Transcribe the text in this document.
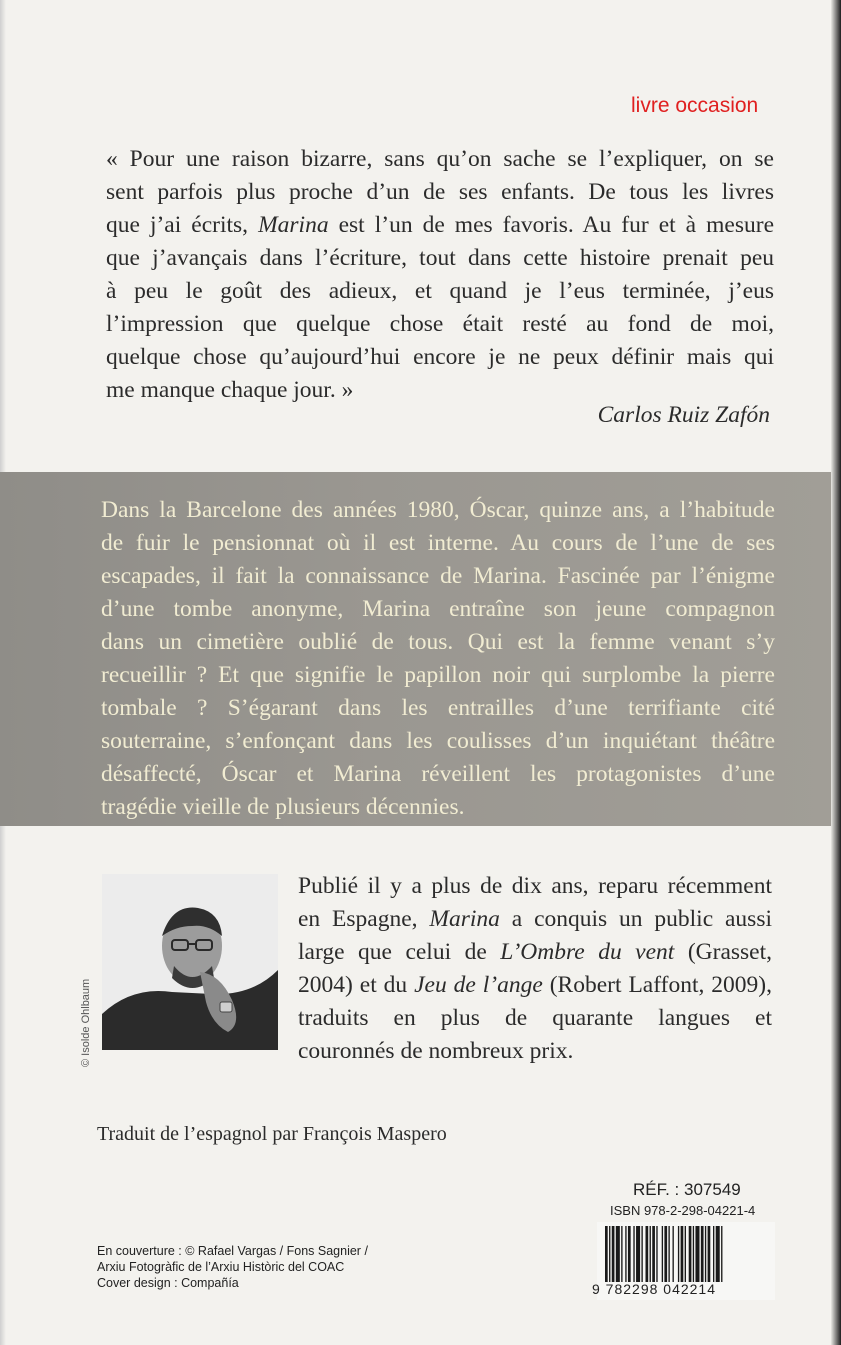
livre occasion
« Pour une raison bizarre, sans qu’on sache se l’expliquer, on se
sent parfois plus proche d’un de ses enfants. De tous les livres
que j’ai écrits, Marina est l’un de mes favoris. Au fur et à mesure
que j’avançais dans l’écriture, tout dans cette histoire prenait peu
à peu le goût des adieux, et quand je l’eus terminée, j’eus
l’impression que quelque chose était resté au fond de moi,
quelque chose qu’aujourd’hui encore je ne peux définir mais qui
me manque chaque jour. »
Carlos Ruiz Zafón
Dans la Barcelone des années 1980, Óscar, quinze ans, a l’habitude
de fuir le pensionnat où il est interne. Au cours de l’une de ses
escapades, il fait la connaissance de Marina. Fascinée par l’énigme
d’une tombe anonyme, Marina entraîne son jeune compagnon
dans un cimetière oublié de tous. Qui est la femme venant s’y
recueillir ? Et que signifie le papillon noir qui surplombe la pierre
tombale ? S’égarant dans les entrailles d’une terrifiante cité
souterraine, s’enfonçant dans les coulisses d’un inquiétant théâtre
désaffecté, Óscar et Marina réveillent les protagonistes d’une
tragédie vieille de plusieurs décennies.
© Isolde Ohlbaum
Publié il y a plus de dix ans, reparu récemment
en Espagne, Marina a conquis un public aussi
large que celui de L’Ombre du vent (Grasset,
2004) et du Jeu de l’ange (Robert Laffont, 2009),
traduits en plus de quarante langues et
couronnés de nombreux prix.
Traduit de l’espagnol par François Maspero
RÉF. : 307549
ISBN 978-2-298-04221-4
9 782298 042214
En couverture : © Rafael Vargas / Fons Sagnier /
Arxiu Fotogràfic de l’Arxiu Històric del COAC
Cover design : Compañía
